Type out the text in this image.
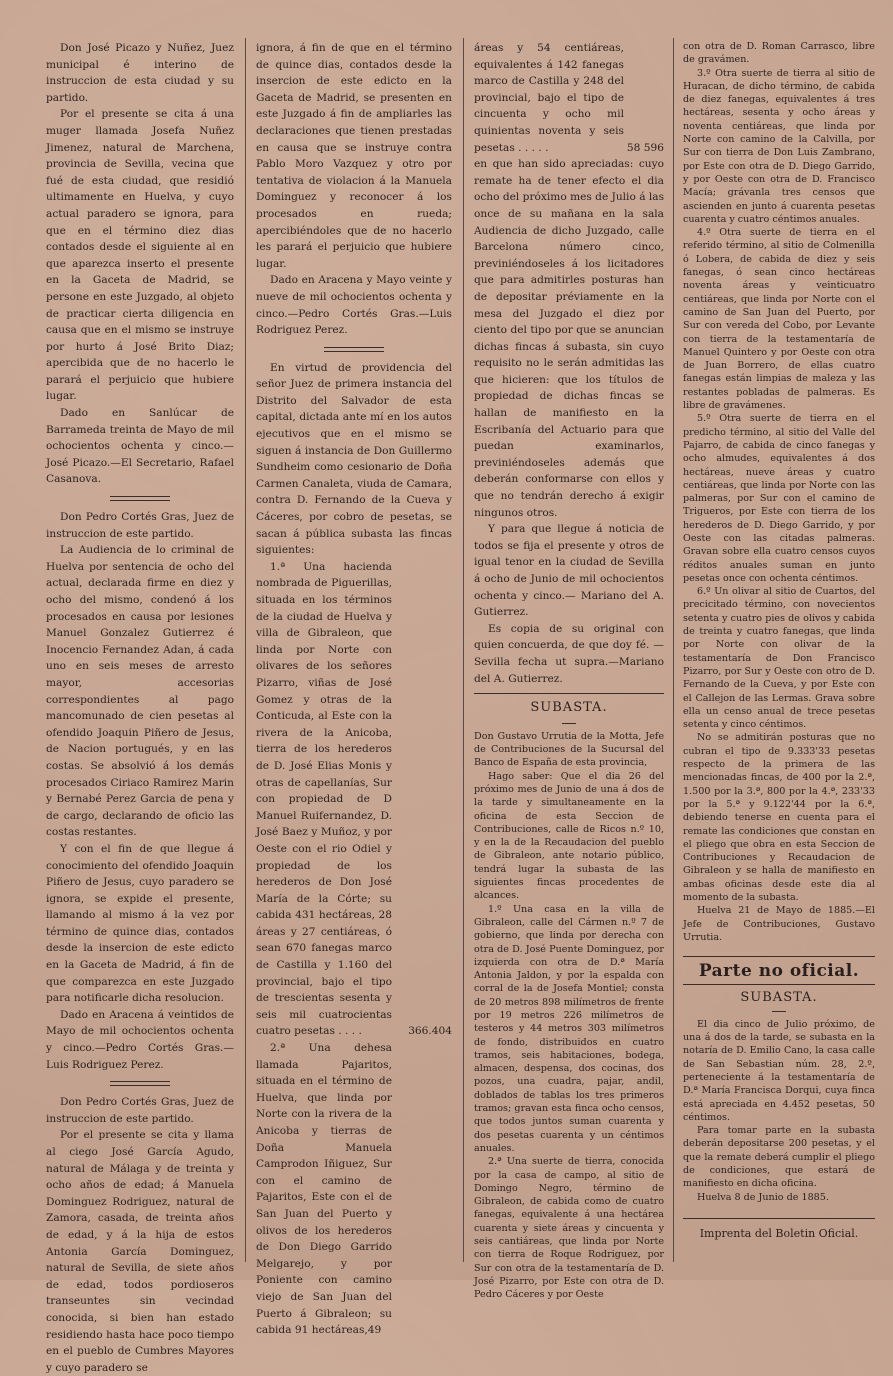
Don José Picazo y Nuñez, Juez municipal é interino de instruccion de esta ciudad y su partido.

Por el presente se cita á una muger llamada Josefa Nuñez Jimenez, natural de Marchena, provincia de Sevilla, vecina que fué de esta ciudad, que residió ultimamente en Huelva, y cuyo actual paradero se ignora, para que en el término diez dias contados desde el siguiente al en que aparezca inserto el presente en la Gaceta de Madrid, se persone en este Juzgado, al objeto de practicar cierta diligencia en causa que en el mismo se instruye por hurto á José Brito Diaz; apercibida que de no hacerlo le parará el perjuicio que hubiere lugar.

Dado en Sanlúcar de Barrameda treinta de Mayo de mil ochocientos ochenta y cinco.— José Picazo.—El Secretario, Rafael Casanova.

Don Pedro Cortés Gras, Juez de instruccion de este partido.

La Audiencia de lo criminal de Huelva por sentencia de ocho del actual, declarada firme en diez y ocho del mismo, condenó á los procesados en causa por lesiones Manuel Gonzalez Gutierrez é Inocencio Fernandez Adan, á cada uno en seis meses de arresto mayor, accesorias correspondientes al pago mancomunado de cien pesetas al ofendido Joaquin Piñero de Jesus, de Nacion portugués, y en las costas. Se absolvió á los demás procesados Ciriaco Ramirez Marin y Bernabé Perez Garcia de pena y de cargo, declarando de oficio las costas restantes.

Y con el fin de que llegue á conocimiento del ofendido Joaquin Piñero de Jesus, cuyo paradero se ignora, se expide el presente, llamando al mismo á la vez por término de quince dias, contados desde la insercion de este edicto en la Gaceta de Madrid, á fin de que comparezca en este Juzgado para notificarle dicha resolucion.

Dado en Aracena á veintidos de Mayo de mil ochocientos ochenta y cinco.—Pedro Cortés Gras.— Luis Rodriguez Perez.

Don Pedro Cortés Gras, Juez de instruccion de este partido.

Por el presente se cita y llama al ciego José García Agudo, natural de Málaga y de treinta y ocho años de edad; á Manuela Dominguez Rodriguez, natural de Zamora, casada, de treinta años de edad, y á la hija de estos Antonia García Dominguez, natural de Sevilla, de siete años de edad, todos pordioseros transeuntes sin vecindad conocida, si bien han estado residiendo hasta hace poco tiempo en el pueblo de Cumbres Mayores y cuyo paradero se

ignora, á fin de que en el término de quince dias, contados desde la insercion de este edicto en la Gaceta de Madrid, se presenten en este Juzgado á fin de ampliarles las declaraciones que tienen prestadas en causa que se instruye contra Pablo Moro Vazquez y otro por tentativa de violacion á la Manuela Dominguez y reconocer á los procesados en rueda; apercibiéndoles que de no hacerlo les parará el perjuicio que hubiere lugar.

Dado en Aracena y Mayo veinte y nueve de mil ochocientos ochenta y cinco.—Pedro Cortés Gras.—Luis Rodriguez Perez.

En virtud de providencia del señor Juez de primera instancia del Distrito del Salvador de esta capital, dictada ante mí en los autos ejecutivos que en el mismo se siguen á instancia de Don Guillermo Sundheim como cesionario de Doña Carmen Canaleta, viuda de Camara, contra D. Fernando de la Cueva y Cáceres, por cobro de pesetas, se sacan á pública subasta las fincas siguientes:

1.ª Una hacienda nombrada de Piguerillas, situada en los términos de la ciudad de Huelva y villa de Gibraleon, que linda por Norte con olivares de los señores Pizarro, viñas de José Gomez y otras de la Conticuda, al Este con la rivera de la Anicoba, tierra de los herederos de D. José Elias Monis y otras de capellanías, Sur con propiedad de D Manuel Ruifernandez, D. José Baez y Muñoz, y por Oeste con el rio Odiel y propiedad de los herederos de Don José María de la Córte; su cabida 431 hectáreas, 28 áreas y 27 centiáreas, ó sean 670 fanegas marco de Castilla y 1.160 del provincial, bajo el tipo de trescientas sesenta y seis mil cuatrocientas cuatro pesetas . . . .	366.404

2.ª Una dehesa llamada Pajaritos, situada en el término de Huelva, que linda por Norte con la rivera de la Anicoba y tierras de Doña Manuela Camprodon Iñiguez, Sur con el camino de Pajaritos, Este con el de San Juan del Puerto y olivos de los herederos de Don Diego Garrido Melgarejo, y por Poniente con camino viejo de San Juan del Puerto á Gibraleon; su cabida 91 hectáreas,49

áreas y 54 centiáreas, equivalentes á 142 fanegas marco de Castilla y 248 del provincial, bajo el tipo de cincuenta y ocho mil quinientas noventa y seis pesetas . . . . .	58 596

en que han sido apreciadas: cuyo remate ha de tener efecto el dia ocho del próximo mes de Julio á las once de su mañana en la sala Audiencia de dicho Juzgado, calle Barcelona número cinco, previniéndoseles á los licitadores que para admitirles posturas han de depositar préviamente en la mesa del Juzgado el diez por ciento del tipo por que se anuncian dichas fincas á subasta, sin cuyo requisito no le serán admitidas las que hicieren: que los títulos de propiedad de dichas fincas se hallan de manifiesto en la Escribanía del Actuario para que puedan examinarlos, previniéndoseles además que deberán conformarse con ellos y que no tendrán derecho á exigir ningunos otros.

Y para que llegue á noticia de todos se fija el presente y otros de igual tenor en la ciudad de Sevilla á ocho de Junio de mil ochocientos ochenta y cinco.— Mariano del A. Gutierrez.

Es copia de su original con quien concuerda, de que doy fé. —Sevilla fecha ut supra.—Mariano del A. Gutierrez.

SUBASTA.

Don Gustavo Urrutia de la Motta, Jefe de Contribuciones de la Sucursal del Banco de España de esta provincia,

Hago saber: Que el dia 26 del próximo mes de Junio de una á dos de la tarde y simultaneamente en la oficina de esta Seccion de Contribuciones, calle de Ricos n.º 10, y en la de la Recaudacion del pueblo de Gibraleon, ante notario público, tendrá lugar la subasta de las siguientes fincas procedentes de alcances.

1.º Una casa en la villa de Gibraleon, calle del Cármen n.º 7 de gobierno, que linda por derecha con otra de D. José Puente Dominguez, por izquierda con otra de D.ª María Antonia Jaldon, y por la espalda con corral de la de Josefa Montiel; consta de 20 metros 898 milímetros de frente por 19 metros 226 milímetros de testeros y 44 metros 303 milímetros de fondo, distribuidos en cuatro tramos, seis habitaciones, bodega, almacen, despensa, dos cocinas, dos pozos, una cuadra, pajar, andil, doblados de tablas los tres primeros tramos; gravan esta finca ocho censos, que todos juntos suman cuarenta y dos pesetas cuarenta y un céntimos anuales.

2.ª Una suerte de tierra, conocida por la casa de campo, al sitio de Domingo Negro, término de Gibraleon, de cabida como de cuatro fanegas, equivalente á una hectárea cuarenta y siete áreas y cincuenta y seis cantiáreas, que linda por Norte con tierra de Roque Rodriguez, por Sur con otra de la testamentaría de D. José Pizarro, por Este con otra de D. Pedro Cáceres y por Oeste

con otra de D. Roman Carrasco, libre de gravámen.

3.º Otra suerte de tierra al sitio de Huracan, de dicho término, de cabida de diez fanegas, equivalentes á tres hectáreas, sesenta y ocho áreas y noventa centiáreas, que linda por Norte con camino de la Calvilla, por Sur con tierra de Don Luis Zambrano, por Este con otra de D. Diego Garrido, y por Oeste con otra de D. Francisco Macía; grávanla tres censos que ascienden en junto á cuarenta pesetas cuarenta y cuatro céntimos anuales.

4.º Otra suerte de tierra en el referido término, al sitio de Colmenilla ó Lobera, de cabida de diez y seis fanegas, ó sean cinco hectáreas noventa áreas y veinticuatro centiáreas, que linda por Norte con el camino de San Juan del Puerto, por Sur con vereda del Cobo, por Levante con tierra de la testamentaría de Manuel Quintero y por Oeste con otra de Juan Borrero, de ellas cuatro fanegas están limpias de maleza y las restantes pobladas de palmeras. Es libre de gravámenes.

5.º Otra suerte de tierra en el predicho término, al sitio del Valle del Pajarro, de cabida de cinco fanegas y ocho almudes, equivalentes á dos hectáreas, nueve áreas y cuatro centiáreas, que linda por Norte con las palmeras, por Sur con el camino de Trigueros, por Este con tierra de los herederos de D. Diego Garrido, y por Oeste con las citadas palmeras. Gravan sobre ella cuatro censos cuyos réditos anuales suman en junto pesetas once con ochenta céntimos.

6.º Un olivar al sitio de Cuartos, del precicitado término, con novecientos setenta y cuatro pies de olivos y cabida de treinta y cuatro fanegas, que linda por Norte con olivar de la testamentaría de Don Francisco Pizarro, por Sur y Oeste con otro de D. Fernando de la Cueva, y por Este con el Callejon de las Lermas. Grava sobre ella un censo anual de trece pesetas setenta y cinco céntimos.

No se admitirán posturas que no cubran el tipo de 9.333'33 pesetas respecto de la primera de las mencionadas fincas, de 400 por la 2.ª, 1.500 por la 3.ª, 800 por la 4.ª, 233'33 por la 5.ª y 9.122'44 por la 6.ª, debiendo tenerse en cuenta para el remate las condiciones que constan en el pliego que obra en esta Seccion de Contribuciones y Recaudacion de Gibraleon y se halla de manifiesto en ambas oficinas desde este dia al momento de la subasta.

Huelva 21 de Mayo de 1885.—El Jefe de Contribuciones, Gustavo Urrutia.

Parte no oficial.
SUBASTA.

El dia cinco de Julio próximo, de una á dos de la tarde, se subasta en la notaría de D. Emilio Cano, la casa calle de San Sebastian núm. 28, 2.º, perteneciente á la testamentaría de D.ª María Francisca Dorqui, cuya finca está apreciada en 4.452 pesetas, 50 céntimos.

Para tomar parte en la subasta deberán depositarse 200 pesetas, y el que la remate deberá cumplir el pliego de condiciones, que estará de manifiesto en dicha oficina.

Huelva 8 de Junio de 1885.

Imprenta del Boletin Oficial.
